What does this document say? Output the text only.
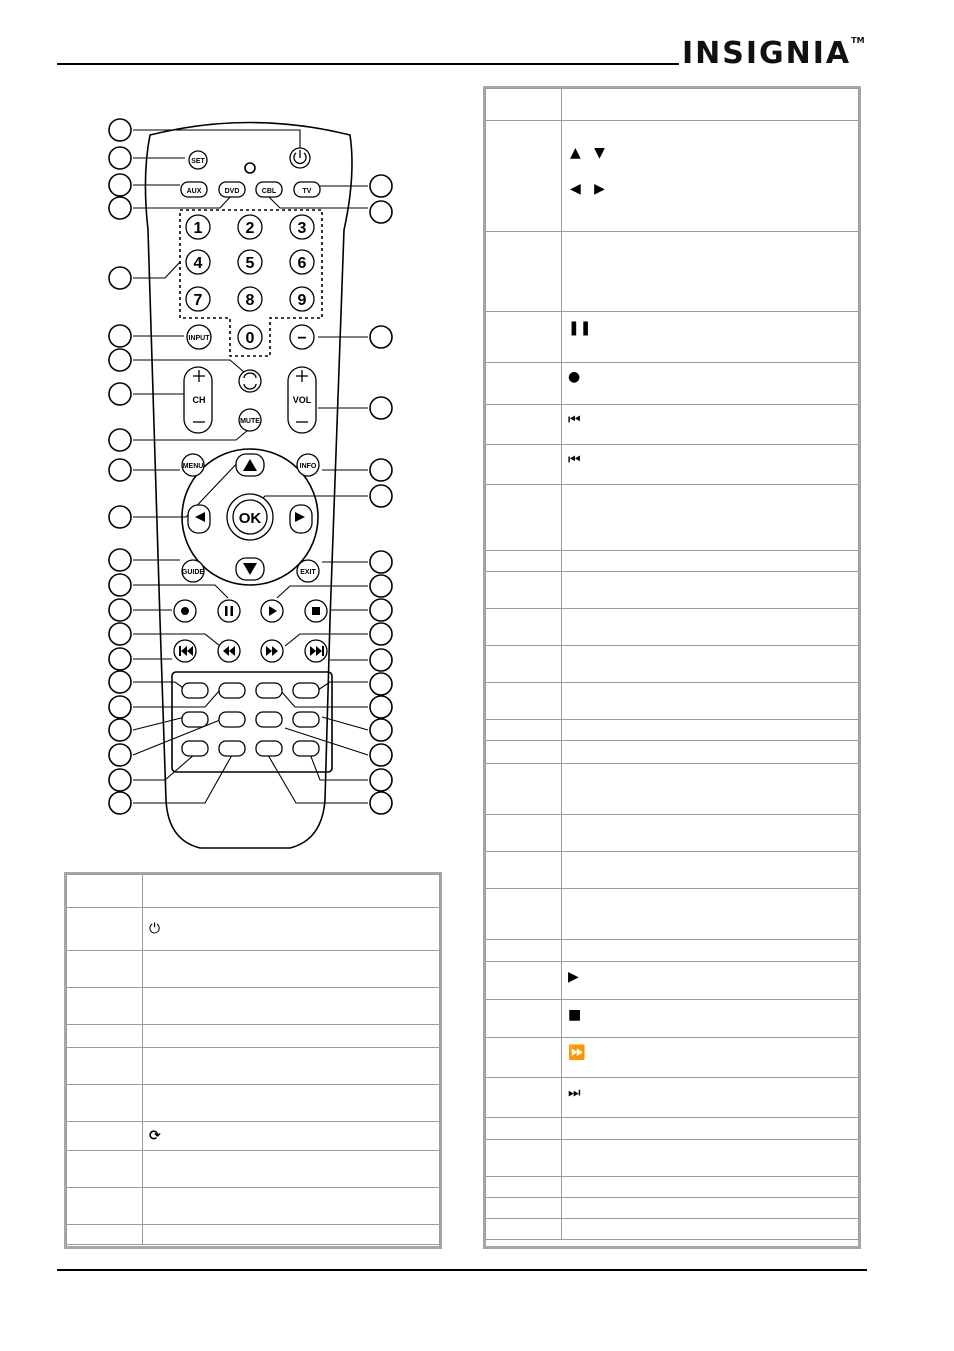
INSIGNIA™
SET
AUX	DVD	CBL	TV
1	2	3
4	5	6
7	8	9
0
INPUT	−
CH	VOL
MUTE
MENU	INFO
OK
GUIDE	EXIT

	⏻

	⟳

	▲   ▼
◀   ▶

	❚❚
	●
	⏮
	⏮

	▶
	■
	⏩
	⏭
